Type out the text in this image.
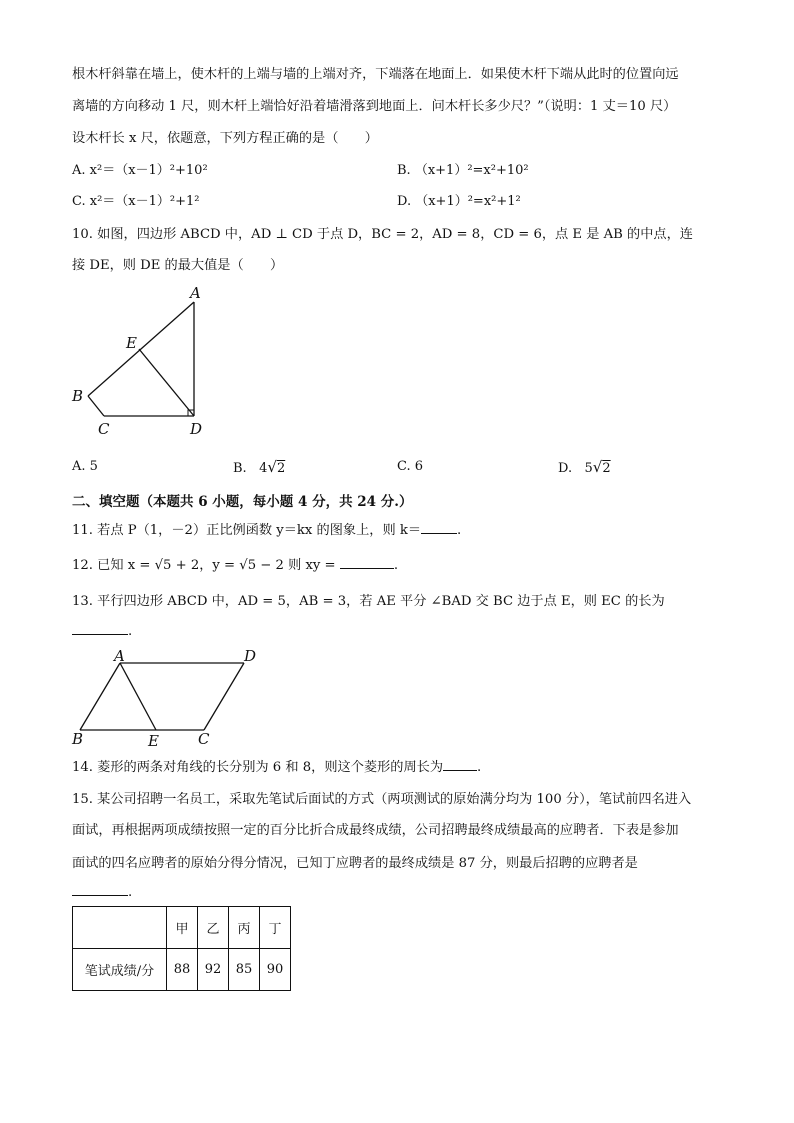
根木杆斜靠在墙上，使木杆的上端与墙的上端对齐，下端落在地面上．如果使木杆下端从此时的位置向远
离墙的方向移动 1 尺，则木杆上端恰好沿着墙滑落到地面上．问木杆长多少尺？”（说明：1 丈＝10 尺）
设木杆长 x 尺，依题意，下列方程正确的是（　　）
A. x²＝（x－1）²+10²	B. （x+1）²=x²+10²
C. x²＝（x－1）²+1²	D. （x+1）²=x²+1²
10. 如图，四边形 ABCD 中，AD ⊥ CD 于点 D，BC = 2，AD = 8，CD = 6，点 E 是 AB 的中点，连
接 DE，则 DE 的最大值是（　　）
A
E
B
C	D
A. 5	B. 4√2	C. 6	D. 5√2
二、填空题（本题共 6 小题，每小题 4 分，共 24 分.）
11. 若点 P（1，－2）正比例函数 y＝kx 的图象上，则 k＝	.
12. 已知 x = √5 + 2，y = √5 − 2 则 xy =	.
13. 平行四边形 ABCD 中，AD = 5，AB = 3，若 AE 平分 ∠BAD 交 BC 边于点 E，则 EC 的长为
.
A	D
B	E	C
14. 菱形的两条对角线的长分别为 6 和 8，则这个菱形的周长为	.
15. 某公司招聘一名员工，采取先笔试后面试的方式（两项测试的原始满分均为 100 分），笔试前四名进入
面试，再根据两项成绩按照一定的百分比折合成最终成绩，公司招聘最终成绩最高的应聘者．下表是参加
面试的四名应聘者的原始分得分情况，已知丁应聘者的最终成绩是 87 分，则最后招聘的应聘者是
.
	甲	乙	丙	丁
笔试成绩/分	88	92	85	90
